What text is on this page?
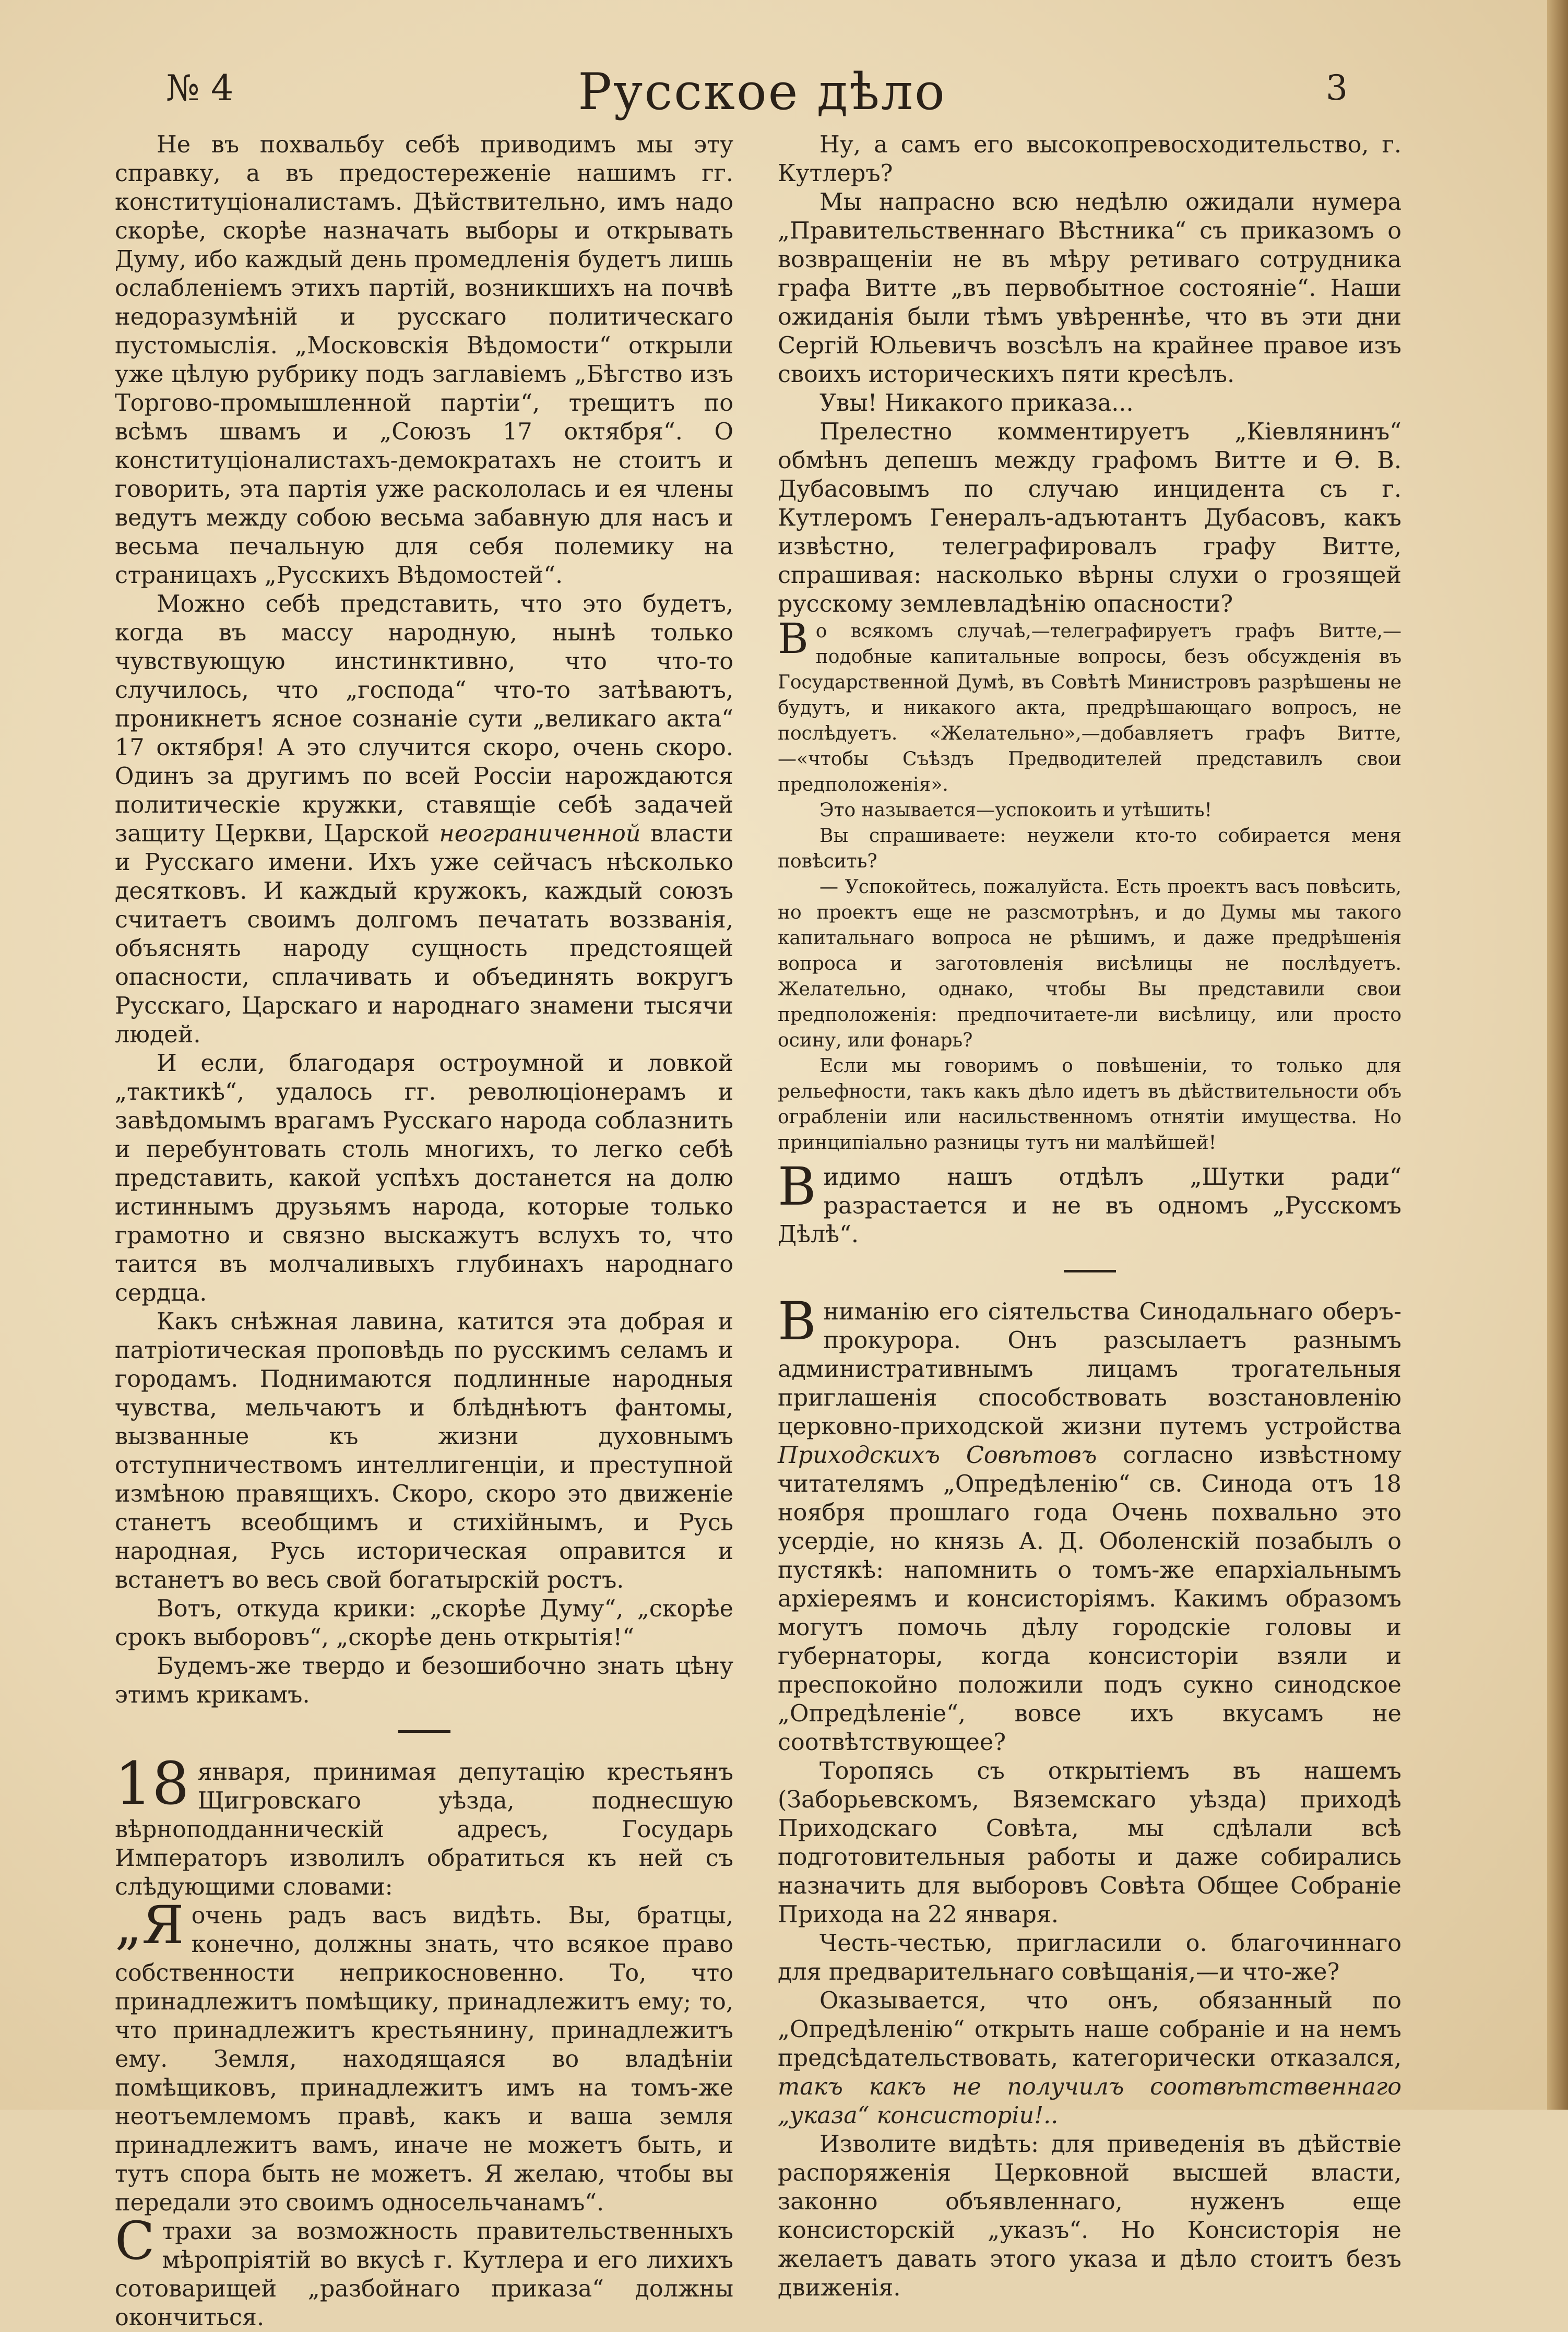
№ 4	Русское дѣло	3

Не въ похвальбу себѣ приводимъ мы эту справку, а въ предостереженіе нашимъ гг. конституціоналистамъ. Дѣйствительно, имъ надо скорѣе, скорѣе назначать выборы и открывать Думу, ибо каждый день промедленія будетъ лишь ослабленіемъ этихъ партій, возникшихъ на почвѣ недоразумѣній и русскаго политическаго пустомыслія. „Московскія Вѣдомости“ открыли уже цѣлую рубрику подъ заглавіемъ „Бѣгство изъ Торгово-промышленной партіи“, трещитъ по всѣмъ швамъ и „Союзъ 17 октября“. О конституціоналистахъ-демократахъ не стоитъ и говорить, эта партія уже раскололась и ея члены ведутъ между собою весьма забавную для насъ и весьма печальную для себя полемику на страницахъ „Русскихъ Вѣдомостей“.

Можно себѣ представить, что это будетъ, когда въ массу народную, нынѣ только чувствующую инстинктивно, что что-то случилось, что „господа“ что-то затѣваютъ, проникнетъ ясное сознаніе сути „великаго акта“ 17 октября! А это случится скоро, очень скоро. Одинъ за другимъ по всей Россіи нарождаются политическіе кружки, ставящіе себѣ задачей защиту Церкви, Царской неограниченной власти и Русскаго имени. Ихъ уже сейчасъ нѣсколько десятковъ. И каждый кружокъ, каждый союзъ считаетъ своимъ долгомъ печатать воззванія, объяснять народу сущность предстоящей опасности, сплачивать и объединять вокругъ Русскаго, Царскаго и народнаго знамени тысячи людей.

И если, благодаря остроумной и ловкой „тактикѣ“, удалось гг. революціонерамъ и завѣдомымъ врагамъ Русскаго народа соблазнить и перебунтовать столь многихъ, то легко себѣ представить, какой успѣхъ достанется на долю истиннымъ друзьямъ народа, которые только грамотно и связно выскажутъ вслухъ то, что таится въ молчаливыхъ глубинахъ народнаго сердца.

Какъ снѣжная лавина, катится эта добрая и патріотическая проповѣдь по русскимъ селамъ и городамъ. Поднимаются подлинные народныя чувства, мельчаютъ и блѣднѣютъ фантомы, вызванные къ жизни духовнымъ отступничествомъ интеллигенціи, и преступной измѣною правящихъ. Скоро, скоро это движеніе станетъ всеобщимъ и стихійнымъ, и Русь народная, Русь историческая оправится и встанетъ во весь свой богатырскій ростъ.

Вотъ, откуда крики: „скорѣе Думу“, „скорѣе срокъ выборовъ“, „скорѣе день открытія!“

Будемъ-же твердо и безошибочно знать цѣну этимъ крикамъ.

18 января, принимая депутацію крестьянъ Щигровскаго уѣзда, поднесшую вѣрноподданническій адресъ, Государь Императоръ изволилъ обратиться къ ней съ слѣдующими словами:

„Яочень радъ васъ видѣть. Вы, братцы, конечно, должны знать, что всякое право собственности неприкосновенно. То, что принадлежитъ помѣщику, принадлежитъ ему; то, что принадлежитъ крестьянину, принадлежитъ ему. Земля, находящаяся во владѣніи помѣщиковъ, принадлежитъ имъ на томъ-же неотъемлемомъ правѣ, какъ и ваша земля принадлежитъ вамъ, иначе не можетъ быть, и тутъ спора быть не можетъ. Я желаю, чтобы вы передали это своимъ односельчанамъ“.

Страхи за возможность правительственныхъ мѣропріятій во вкусѣ г. Кутлера и его лихихъ сотоварищей „разбойнаго приказа“ должны окончиться.

Ну, а самъ его высокопревосходительство, г. Кутлеръ?

Мы напрасно всю недѣлю ожидали нумера „Правительственнаго Вѣстника“ съ приказомъ о возвращеніи не въ мѣру ретиваго сотрудника графа Витте „въ первобытное состояніе“. Наши ожиданія были тѣмъ увѣреннѣе, что въ эти дни Сергій Юльевичъ возсѣлъ на крайнее правое изъ своихъ историческихъ пяти кресѣлъ.

Увы! Никакого приказа...

Прелестно комментируетъ „Кіевлянинъ“ обмѣнъ депешъ между графомъ Витте и Ѳ. В. Дубасовымъ по случаю инцидента съ г. Кутлеромъ Генералъ-адъютантъ Дубасовъ, какъ извѣстно, телеграфировалъ графу Витте, спрашивая: насколько вѣрны слухи о грозящей русскому землевладѣнію опасности?

Во всякомъ случаѣ,—телеграфируетъ графъ Витте,—подобные капитальные вопросы, безъ обсужденія въ Государственной Думѣ, въ Совѣтѣ Министровъ разрѣшены не будутъ, и никакого акта, предрѣшающаго вопросъ, не послѣдуетъ. «Желательно»,—добавляетъ графъ Витте,—«чтобы Съѣздъ Предводителей представилъ свои предположенія».

Это называется—успокоить и утѣшить!

Вы спрашиваете: неужели кто-то собирается меня повѣсить?

— Успокойтесь, пожалуйста. Есть проектъ васъ повѣсить, но проектъ еще не разсмотрѣнъ, и до Думы мы такого капитальнаго вопроса не рѣшимъ, и даже предрѣшенія вопроса и заготовленія висѣлицы не послѣдуетъ. Желательно, однако, чтобы Вы представили свои предположенія: предпочитаете-ли висѣлицу, или просто осину, или фонарь?

Если мы говоримъ о повѣшеніи, то только для рельефности, такъ какъ дѣло идетъ въ дѣйствительности объ ограбленіи или насильственномъ отнятіи имущества. Но принципіально разницы тутъ ни малѣйшей!

Видимо нашъ отдѣлъ „Шутки ради“ разрастается и не въ одномъ „Русскомъ Дѣлѣ“.

Вниманію его сіятельства Синодальнаго оберъ-прокурора. Онъ разсылаетъ разнымъ административнымъ лицамъ трогательныя приглашенія способствовать возстановленію церковно-приходской жизни путемъ устройства Приходскихъ Совѣтовъ согласно извѣстному читателямъ „Опредѣленію“ св. Синода отъ 18 ноября прошлаго года Очень похвально это усердіе, но князь А. Д. Оболенскій позабылъ о пустякѣ: напомнить о томъ-же епархіальнымъ архіереямъ и консисторіямъ. Какимъ образомъ могутъ помочь дѣлу городскіе головы и губернаторы, когда консисторіи взяли и преспокойно положили подъ сукно синодское „Опредѣленіе“, вовсе ихъ вкусамъ не соотвѣтствующее?

Торопясь съ открытіемъ въ нашемъ (Заборьевскомъ, Вяземскаго уѣзда) приходѣ Приходскаго Совѣта, мы сдѣлали всѣ подготовительныя работы и даже собирались назначить для выборовъ Совѣта Общее Собраніе Прихода на 22 января.

Честь-честью, пригласили о. благочиннаго для предварительнаго совѣщанія,—и что-же?

Оказывается, что онъ, обязанный по „Опредѣленію“ открыть наше собраніе и на немъ предсѣдательствовать, категорически отказался, такъ какъ не получилъ соотвѣтственнаго „указа“ консисторіи!..

Изволите видѣть: для приведенія въ дѣйствіе распоряженія Церковной высшей власти, законно объявленнаго, нуженъ еще консисторскій „указъ“. Но Консисторія не желаетъ давать этого указа и дѣло стоитъ безъ движенія.
